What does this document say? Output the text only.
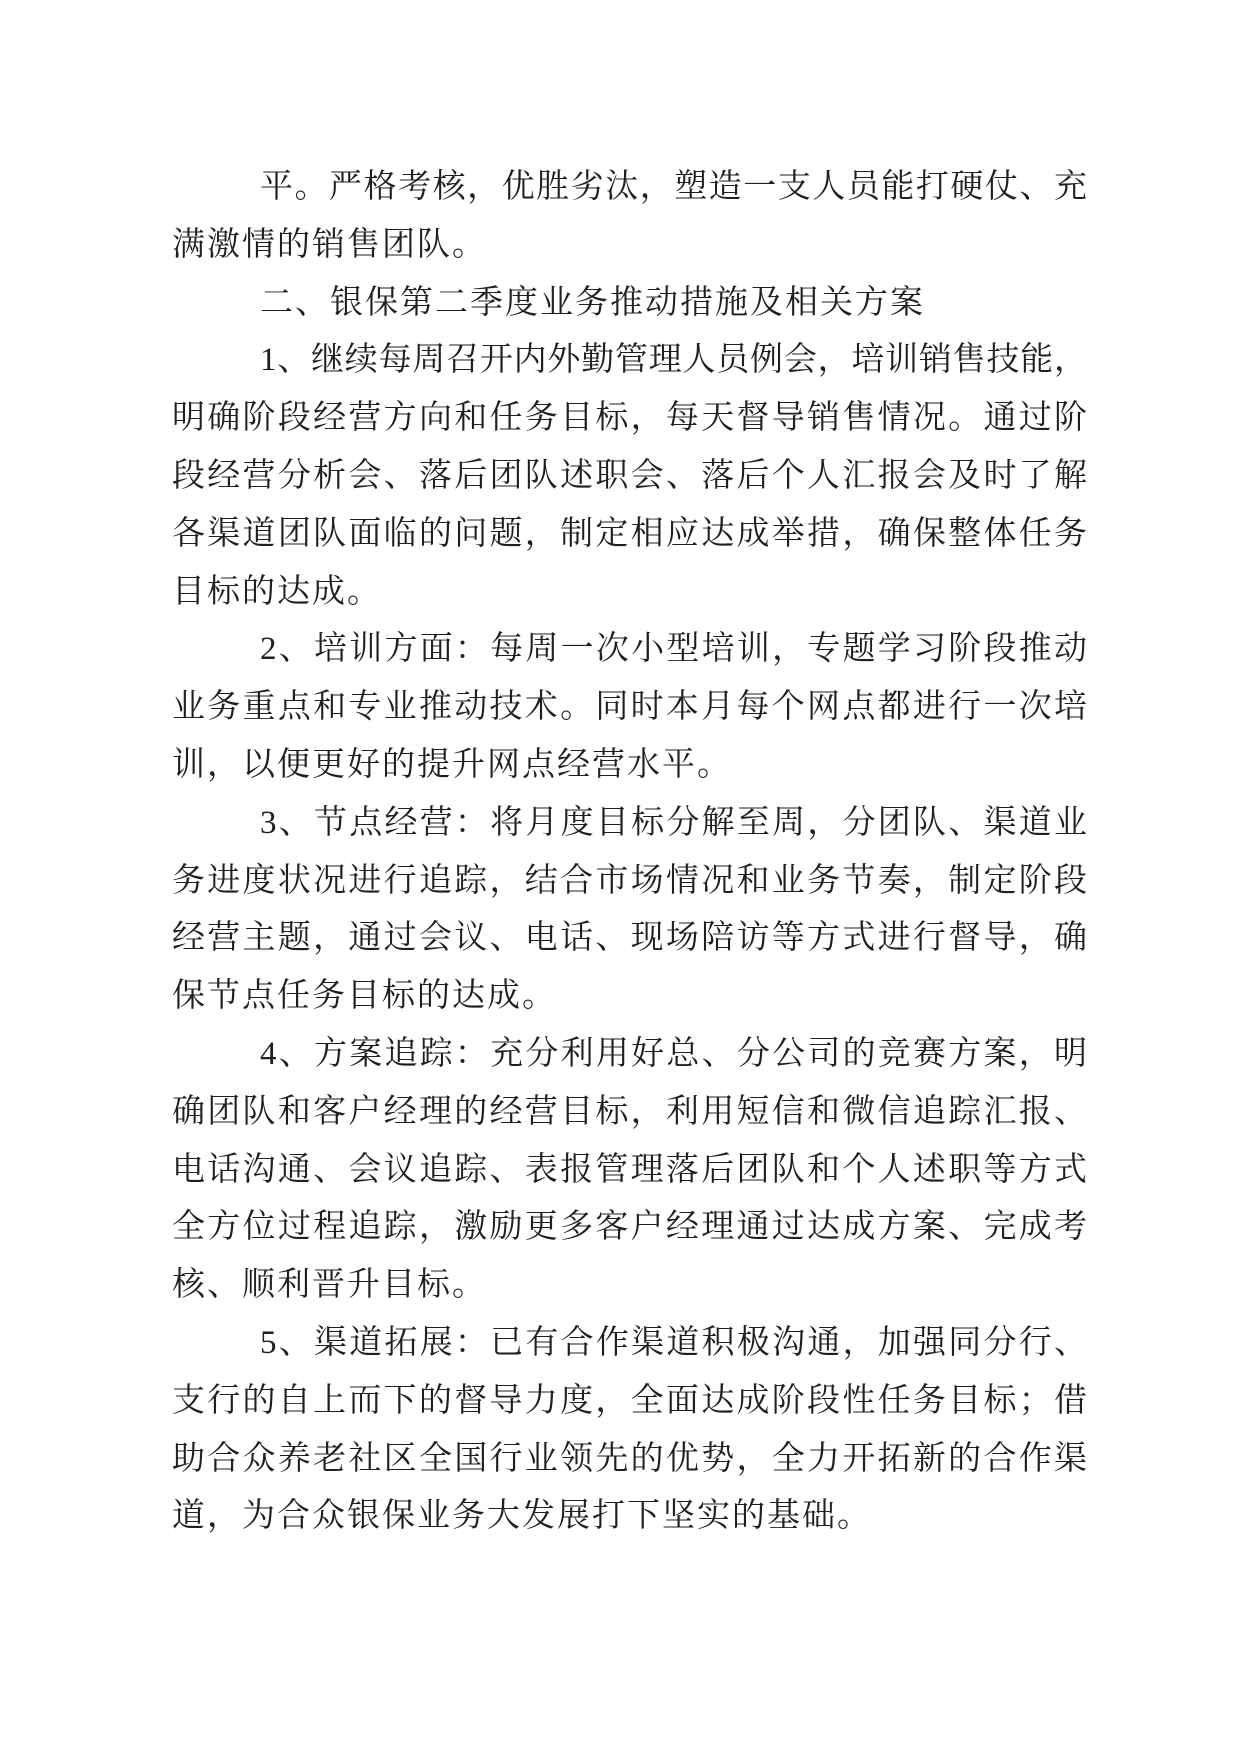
平。严格考核，优胜劣汰，塑造一支人员能打硬仗、充
满激情的销售团队。
二、银保第二季度业务推动措施及相关方案
1、继续每周召开内外勤管理人员例会，培训销售技能，
明确阶段经营方向和任务目标，每天督导销售情况。通过阶
段经营分析会、落后团队述职会、落后个人汇报会及时了解
各渠道团队面临的问题，制定相应达成举措，确保整体任务
目标的达成。
2、培训方面：每周一次小型培训，专题学习阶段推动
业务重点和专业推动技术。同时本月每个网点都进行一次培
训，以便更好的提升网点经营水平。
3、节点经营：将月度目标分解至周，分团队、渠道业
务进度状况进行追踪，结合市场情况和业务节奏，制定阶段
经营主题，通过会议、电话、现场陪访等方式进行督导，确
保节点任务目标的达成。
4、方案追踪：充分利用好总、分公司的竞赛方案，明
确团队和客户经理的经营目标，利用短信和微信追踪汇报、
电话沟通、会议追踪、表报管理落后团队和个人述职等方式
全方位过程追踪，激励更多客户经理通过达成方案、完成考
核、顺利晋升目标。
5、渠道拓展：已有合作渠道积极沟通，加强同分行、
支行的自上而下的督导力度，全面达成阶段性任务目标；借
助合众养老社区全国行业领先的优势，全力开拓新的合作渠
道，为合众银保业务大发展打下坚实的基础。
